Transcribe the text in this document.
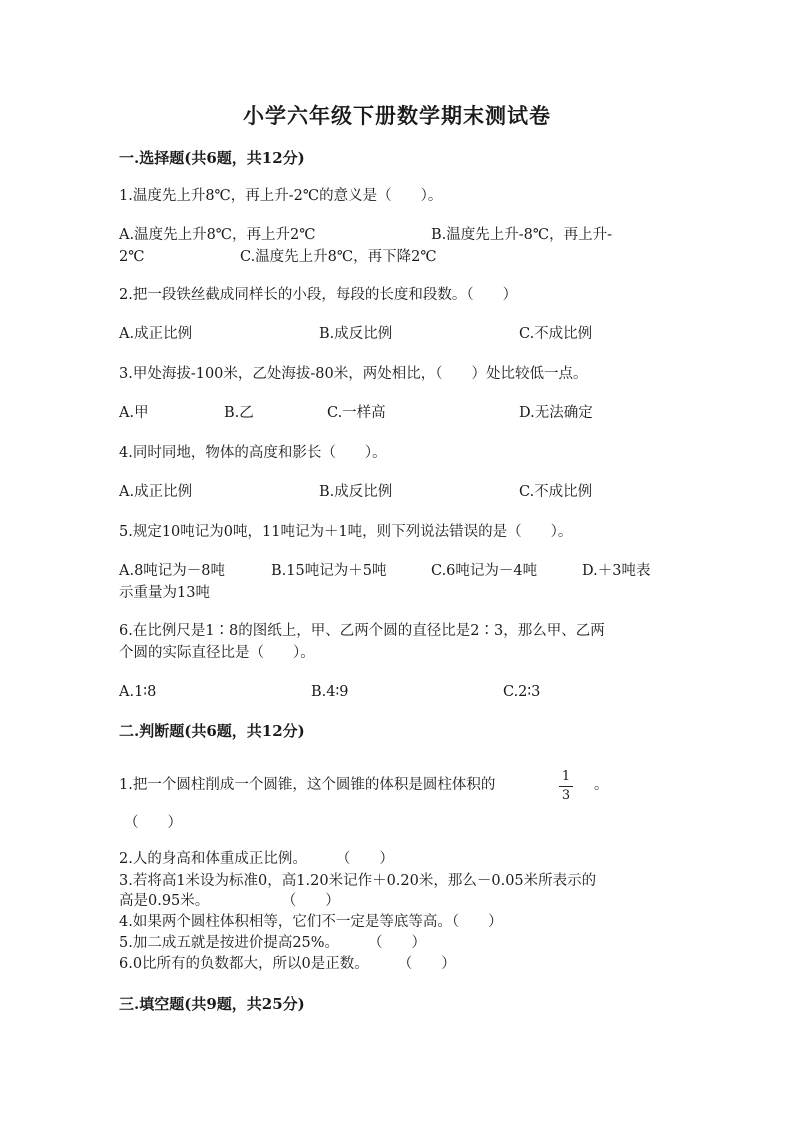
小学六年级下册数学期末测试卷
一.选择题(共6题，共12分)
1.温度先上升8℃，再上升-2℃的意义是（　　）。
A.温度先上升8℃，再上升2℃	B.温度先上升-8℃，再上升-
2℃	C.温度先上升8℃，再下降2℃
2.把一段铁丝截成同样长的小段，每段的长度和段数。（　　）
A.成正比例	B.成反比例	C.不成比例
3.甲处海拔-100米，乙处海拔-80米，两处相比，（　　）处比较低一点。
A.甲	B.乙	C.一样高	D.无法确定
4.同时同地，物体的高度和影长（　　）。
A.成正比例	B.成反比例	C.不成比例
5.规定10吨记为0吨，11吨记为＋1吨，则下列说法错误的是（　　）。
A.8吨记为－8吨	B.15吨记为＋5吨	C.6吨记为－4吨	D.＋3吨表
示重量为13吨
6.在比例尺是1∶8的图纸上，甲、乙两个圆的直径比是2∶3，那么甲、乙两
个圆的实际直径比是（　　）。
A.1∶8	B.4∶9	C.2∶3
二.判断题(共6题，共12分)
1.把一个圆柱削成一个圆锥，这个圆锥的体积是圆柱体积的
1
3
。
（　　）
2.人的身高和体重成正比例。　　　（　　）
3.若将高1米设为标准0，高1.20米记作＋0.20米，那么－0.05米所表示的
高是0.95米。　　　　　　（　　）
4.如果两个圆柱体积相等，它们不一定是等底等高。（　　）
5.加二成五就是按进价提高25%。　　　（　　）
6.0比所有的负数都大，所以0是正数。　　　（　　）
三.填空题(共9题，共25分)
